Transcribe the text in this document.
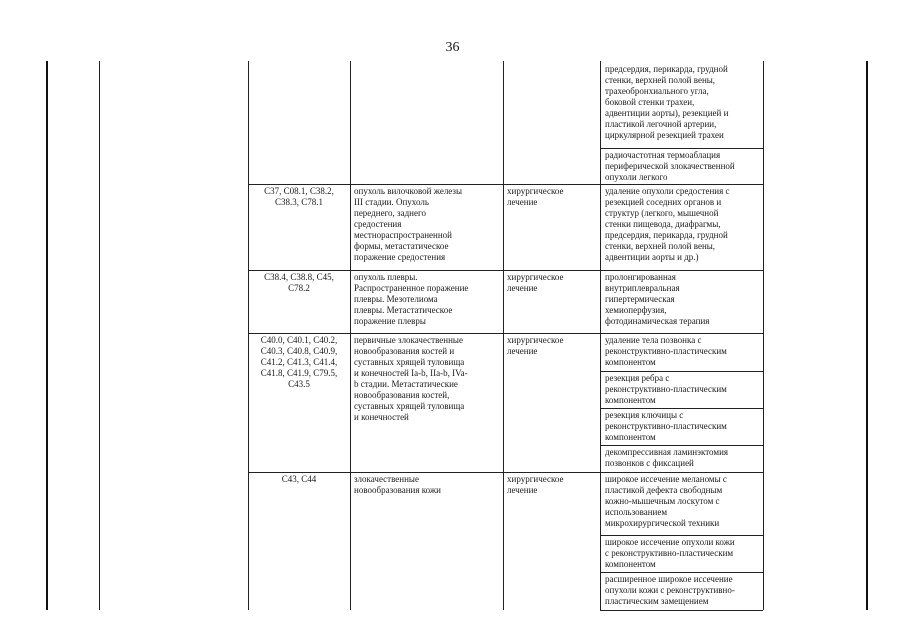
36
предсердия, перикарда, грудной
стенки, верхней полой вены,
трахеобронхиального угла,
боковой стенки трахеи,
адвентиции аорты), резекцией и
пластикой легочной артерии,
циркулярной резекцией трахеи
радиочастотная термоаблация
периферической злокачественной
опухоли легкого
C37, C08.1, C38.2,
C38.3, C78.1
опухоль вилочковой железы
III стадии. Опухоль
переднего, заднего
средостения
местнораспространенной
формы, метастатическое
поражение средостения
хирургическое
лечение
удаление опухоли средостения с
резекцией соседних органов и
структур (легкого, мышечной
стенки пищевода, диафрагмы,
предсердия, перикарда, грудной
стенки, верхней полой вены,
адвентиции аорты и др.)
C38.4, C38.8, C45,
C78.2
опухоль плевры.
Распространенное поражение
плевры. Мезотелиома
плевры. Метастатическое
поражение плевры
хирургическое
лечение
пролонгированная
внутриплевральная
гипертермическая
хемиоперфузия,
фотодинамическая терапия
C40.0, C40.1, C40.2,
C40.3, C40.8, C40.9,
C41.2, C41.3, C41.4,
C41.8, C41.9, C79.5,
C43.5
первичные злокачественные
новообразования костей и
суставных хрящей туловища
и конечностей Ia-b, IIa-b, IVa-
b стадии. Метастатические
новообразования костей,
суставных хрящей туловища
и конечностей
хирургическое
лечение
удаление тела позвонка с
реконструктивно-пластическим
компонентом
резекция ребра с
реконструктивно-пластическим
компонентом
резекция ключицы с
реконструктивно-пластическим
компонентом
декомпрессивная ламинэктомия
позвонков с фиксацией
C43, C44	злокачественные
новообразования кожи
хирургическое
лечение
широкое иссечение меланомы с
пластикой дефекта свободным
кожно-мышечным лоскутом с
использованием
микрохирургической техники
широкое иссечение опухоли кожи
с реконструктивно-пластическим
компонентом
расширенное широкое иссечение
опухоли кожи с реконструктивно-
пластическим замещением
